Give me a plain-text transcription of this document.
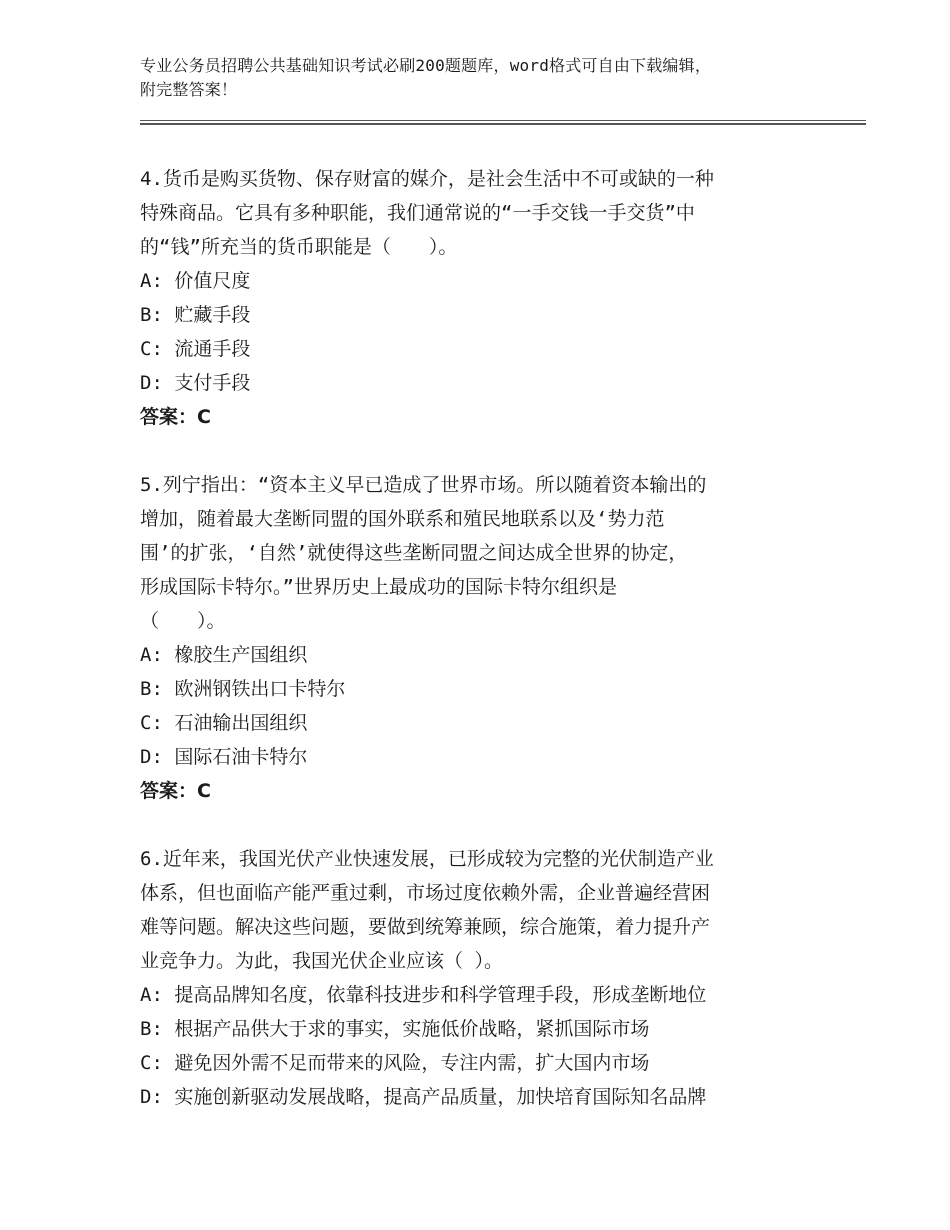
专业公务员招聘公共基础知识考试必刷200题题库，word格式可自由下载编辑，
附完整答案！

4.货币是购买货物、保存财富的媒介，是社会生活中不可或缺的一种

特殊商品。它具有多种职能，我们通常说的“一手交钱一手交货”中

的“钱”所充当的货币职能是（　　）。

A: 价值尺度

B: 贮藏手段

C: 流通手段

D: 支付手段

答案：C

5.列宁指出：“资本主义早已造成了世界市场。所以随着资本输出的

增加，随着最大垄断同盟的国外联系和殖民地联系以及‘势力范

围’的扩张，‘自然’就使得这些垄断同盟之间达成全世界的协定，

形成国际卡特尔。”世界历史上最成功的国际卡特尔组织是

（　　）。

A: 橡胶生产国组织

B: 欧洲钢铁出口卡特尔

C: 石油输出国组织

D: 国际石油卡特尔

答案：C

6.近年来，我国光伏产业快速发展，已形成较为完整的光伏制造产业

体系，但也面临产能严重过剩，市场过度依赖外需，企业普遍经营困

难等问题。解决这些问题，要做到统筹兼顾，综合施策，着力提升产

业竞争力。为此，我国光伏企业应该（ ）。

A: 提高品牌知名度，依靠科技进步和科学管理手段，形成垄断地位

B: 根据产品供大于求的事实，实施低价战略，紧抓国际市场

C: 避免因外需不足而带来的风险，专注内需，扩大国内市场

D: 实施创新驱动发展战略，提高产品质量，加快培育国际知名品牌
